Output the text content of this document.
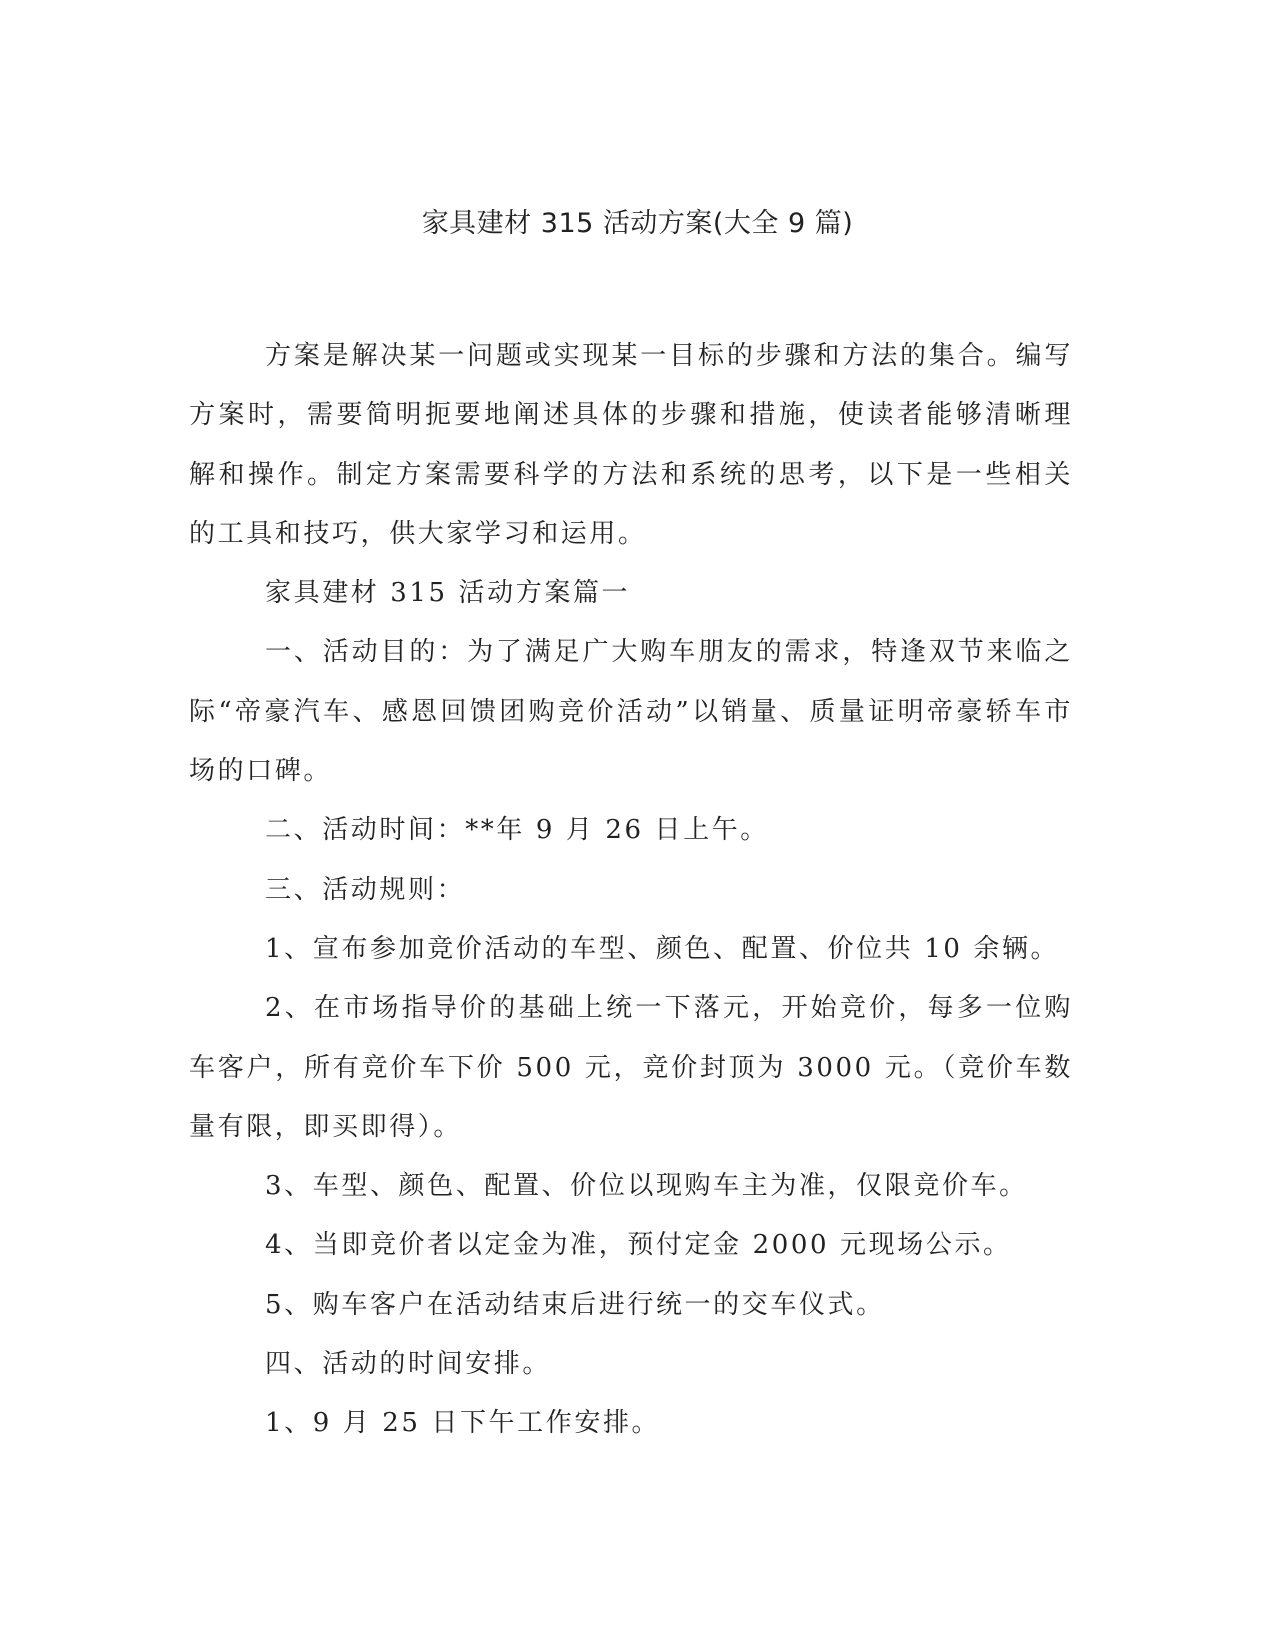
家具建材 315 活动方案(大全 9 篇)

方案是解决某一问题或实现某一目标的步骤和方法的集合。编写方案时，需要简明扼要地阐述具体的步骤和措施，使读者能够清晰理解和操作。制定方案需要科学的方法和系统的思考，以下是一些相关的工具和技巧，供大家学习和运用。

家具建材 315 活动方案篇一

一、活动目的：为了满足广大购车朋友的需求，特逢双节来临之际“帝豪汽车、感恩回馈团购竞价活动”以销量、质量证明帝豪轿车市场的口碑。

二、活动时间：**年 9 月 26 日上午。

三、活动规则：

1、宣布参加竞价活动的车型、颜色、配置、价位共 10 余辆。

2、在市场指导价的基础上统一下落元，开始竞价，每多一位购车客户，所有竞价车下价 500 元，竞价封顶为 3000 元。（竞价车数量有限，即买即得）。

3、车型、颜色、配置、价位以现购车主为准，仅限竞价车。

4、当即竞价者以定金为准，预付定金 2000 元现场公示。

5、购车客户在活动结束后进行统一的交车仪式。

四、活动的时间安排。

1、9 月 25 日下午工作安排。
